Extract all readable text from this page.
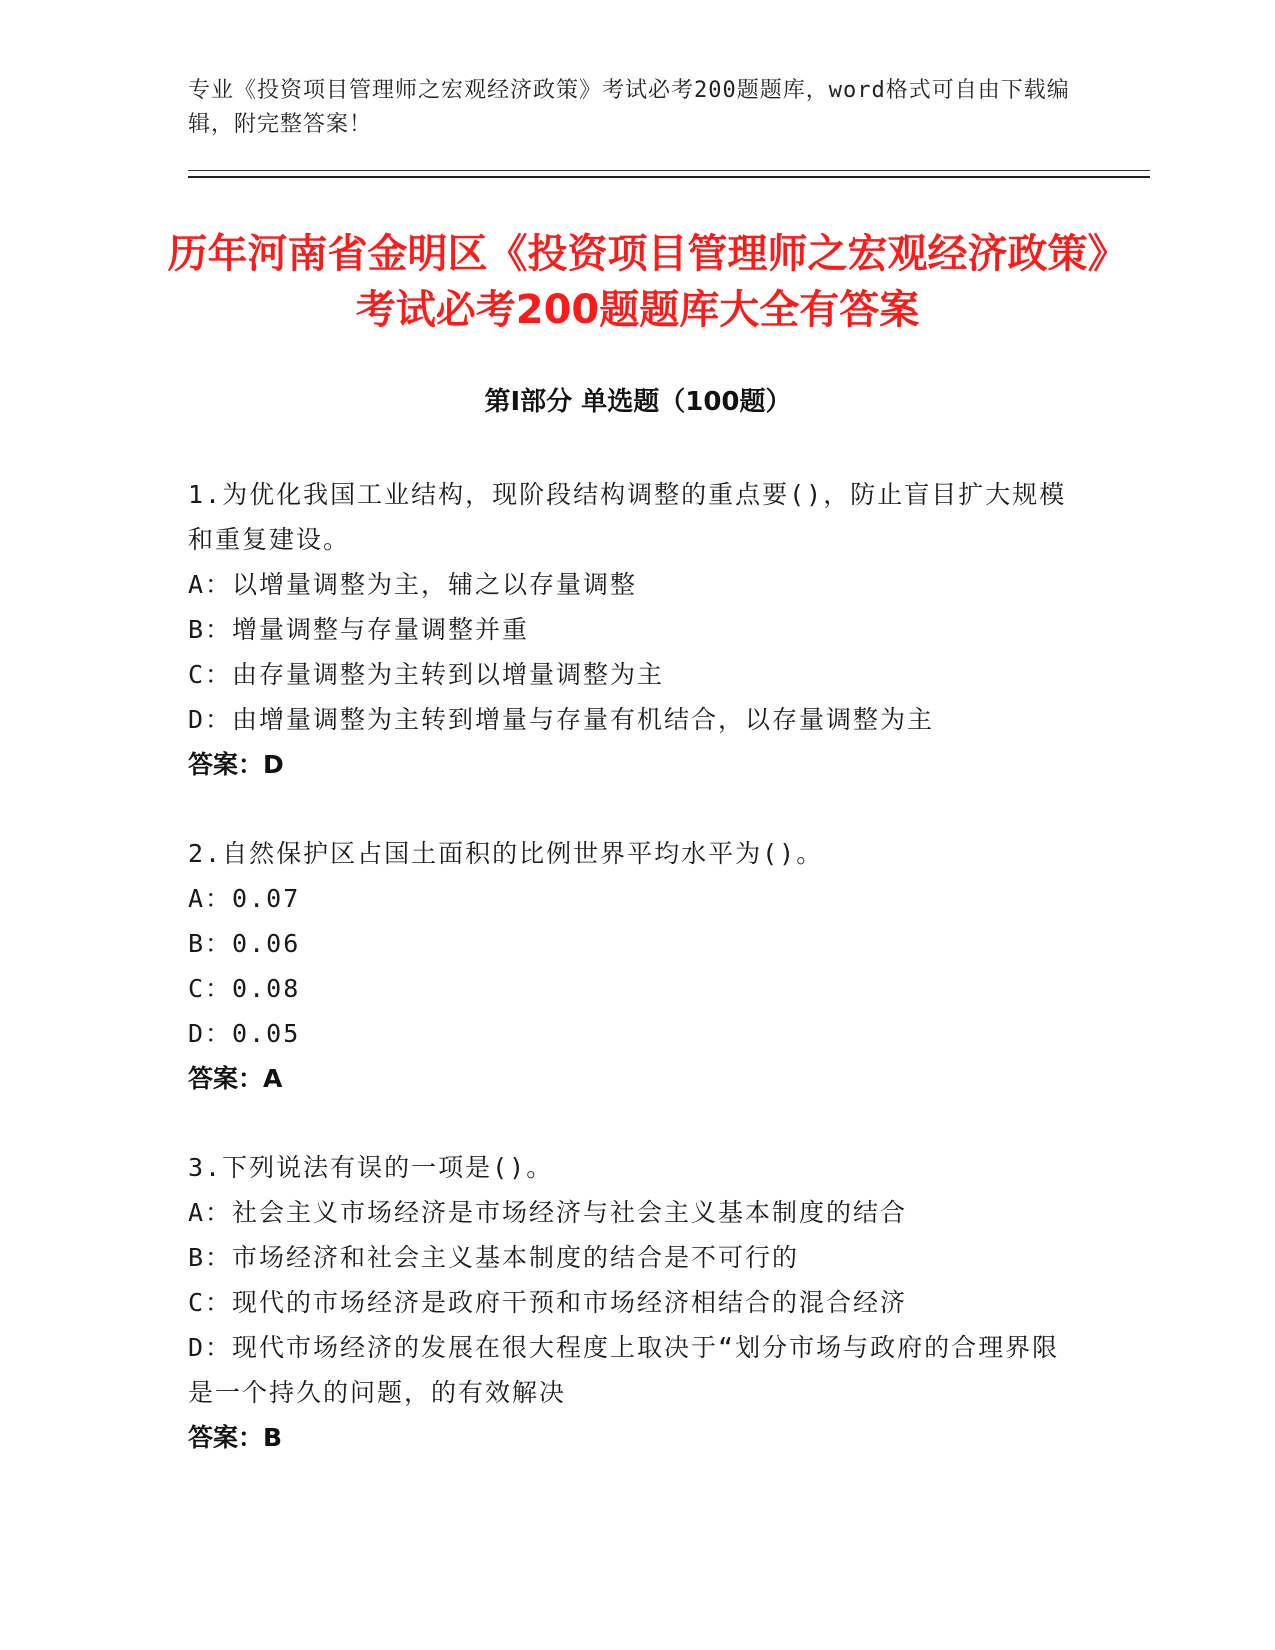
专业《投资项目管理师之宏观经济政策》考试必考200题题库，word格式可自由下载编辑，附完整答案！
历年河南省金明区《投资项目管理师之宏观经济政策》考试必考200题题库大全有答案
第Ⅰ部分 单选题（100题）
1.为优化我国工业结构，现阶段结构调整的重点要()，防止盲目扩大规模和重复建设。
A：以增量调整为主，辅之以存量调整
B：增量调整与存量调整并重
C：由存量调整为主转到以增量调整为主
D：由增量调整为主转到增量与存量有机结合，以存量调整为主
答案：D
2.自然保护区占国土面积的比例世界平均水平为()。
A：0.07
B：0.06
C：0.08
D：0.05
答案：A
3.下列说法有误的一项是()。
A：社会主义市场经济是市场经济与社会主义基本制度的结合
B：市场经济和社会主义基本制度的结合是不可行的
C：现代的市场经济是政府干预和市场经济相结合的混合经济
D：现代市场经济的发展在很大程度上取决于“划分市场与政府的合理界限是一个持久的问题，的有效解决
答案：B
